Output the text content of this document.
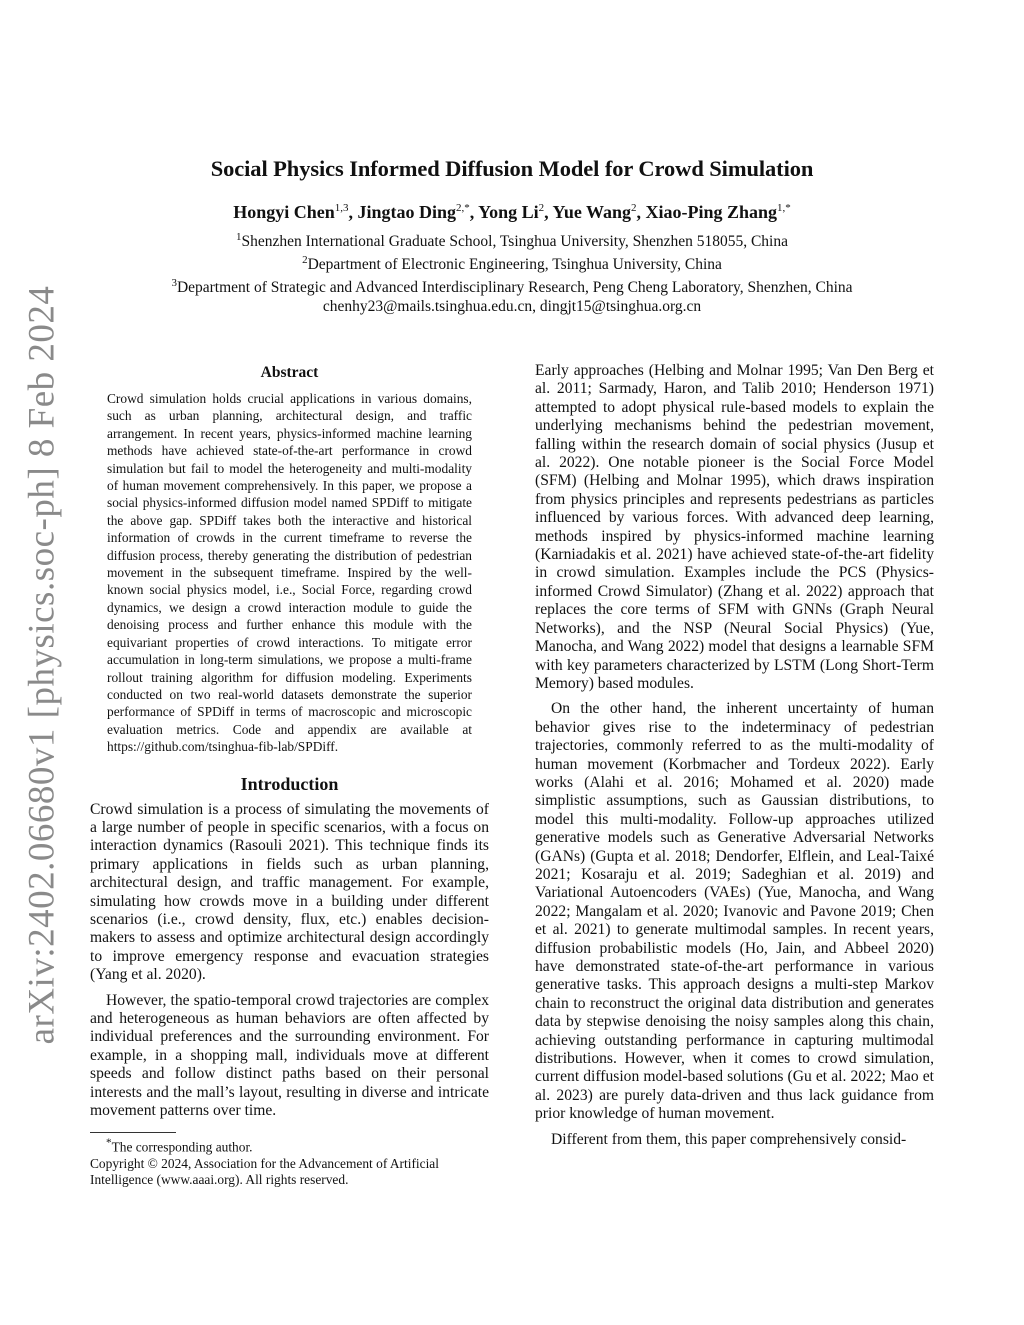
arXiv:2402.06680v1 [physics.soc-ph] 8 Feb 2024
Social Physics Informed Diffusion Model for Crowd Simulation
Hongyi Chen$^{1,3}$, Jingtao Ding$^{2,*}$, Yong Li$^2$, Yue Wang$^2$, Xiao-Ping Zhang$^{1,*}$

$^1$Shenzhen International Graduate School, Tsinghua University, Shenzhen 518055, China

$^2$Department of Electronic Engineering, Tsinghua University, China

$^3$Department of Strategic and Advanced Interdisciplinary Research, Peng Cheng Laboratory, Shenzhen, China

chenhy23@mails.tsinghua.edu.cn, dingjt15@tsinghua.org.cn

Abstract

Crowd simulation holds crucial applications in various domains, such as urban planning, architectural design, and traffic arrangement. In recent years, physics-informed machine learning methods have achieved state-of-the-art performance in crowd simulation but fail to model the heterogeneity and multi-modality of human movement comprehensively. In this paper, we propose a social physics-informed diffusion model named SPDiff to mitigate the above gap. SPDiff takes both the interactive and historical information of crowds in the current timeframe to reverse the diffusion process, thereby generating the distribution of pedestrian movement in the subsequent timeframe. Inspired by the well-known social physics model, i.e., Social Force, regarding crowd dynamics, we design a crowd interaction module to guide the denoising process and further enhance this module with the equivariant properties of crowd interactions. To mitigate error accumulation in long-term simulations, we propose a multi-frame rollout training algorithm for diffusion modeling. Experiments conducted on two real-world datasets demonstrate the superior performance of SPDiff in terms of macroscopic and microscopic evaluation metrics. Code and appendix are available at https://github.com/tsinghua-fib-lab/SPDiff.

Introduction

Crowd simulation is a process of simulating the movements of a large number of people in specific scenarios, with a focus on interaction dynamics (Rasouli 2021). This technique finds its primary applications in fields such as urban planning, architectural design, and traffic management. For example, simulating how crowds move in a building under different scenarios (i.e., crowd density, flux, etc.) enables decision-makers to assess and optimize architectural design accordingly to improve emergency response and evacuation strategies (Yang et al. 2020).

However, the spatio-temporal crowd trajectories are complex and heterogeneous as human behaviors are often affected by individual preferences and the surrounding environment. For example, in a shopping mall, individuals move at different speeds and follow distinct paths based on their personal interests and the mall’s layout, resulting in diverse and intricate movement patterns over time.

*The corresponding author.

Copyright © 2024, Association for the Advancement of Artificial Intelligence (www.aaai.org). All rights reserved.

Early approaches (Helbing and Molnar 1995; Van Den Berg et al. 2011; Sarmady, Haron, and Talib 2010; Henderson 1971) attempted to adopt physical rule-based models to explain the underlying mechanisms behind the pedestrian movement, falling within the research domain of social physics (Jusup et al. 2022). One notable pioneer is the Social Force Model (SFM) (Helbing and Molnar 1995), which draws inspiration from physics principles and represents pedestrians as particles influenced by various forces. With advanced deep learning, methods inspired by physics-informed machine learning (Karniadakis et al. 2021) have achieved state-of-the-art fidelity in crowd simulation. Examples include the PCS (Physics-informed Crowd Simulator) (Zhang et al. 2022) approach that replaces the core terms of SFM with GNNs (Graph Neural Networks), and the NSP (Neural Social Physics) (Yue, Manocha, and Wang 2022) model that designs a learnable SFM with key parameters characterized by LSTM (Long Short-Term Memory) based modules.

On the other hand, the inherent uncertainty of human behavior gives rise to the indeterminacy of pedestrian trajectories, commonly referred to as the multi-modality of human movement (Korbmacher and Tordeux 2022). Early works (Alahi et al. 2016; Mohamed et al. 2020) made simplistic assumptions, such as Gaussian distributions, to model this multi-modality. Follow-up approaches utilized generative models such as Generative Adversarial Networks (GANs) (Gupta et al. 2018; Dendorfer, Elflein, and Leal-Taixé 2021; Kosaraju et al. 2019; Sadeghian et al. 2019) and Variational Autoencoders (VAEs) (Yue, Manocha, and Wang 2022; Mangalam et al. 2020; Ivanovic and Pavone 2019; Chen et al. 2021) to generate multimodal samples. In recent years, diffusion probabilistic models (Ho, Jain, and Abbeel 2020) have demonstrated state-of-the-art performance in various generative tasks. This approach designs a multi-step Markov chain to reconstruct the original data distribution and generates data by stepwise denoising the noisy samples along this chain, achieving outstanding performance in capturing multimodal distributions. However, when it comes to crowd simulation, current diffusion model-based solutions (Gu et al. 2022; Mao et al. 2023) are purely data-driven and thus lack guidance from prior knowledge of human movement.

Different from them, this paper comprehensively consid-
